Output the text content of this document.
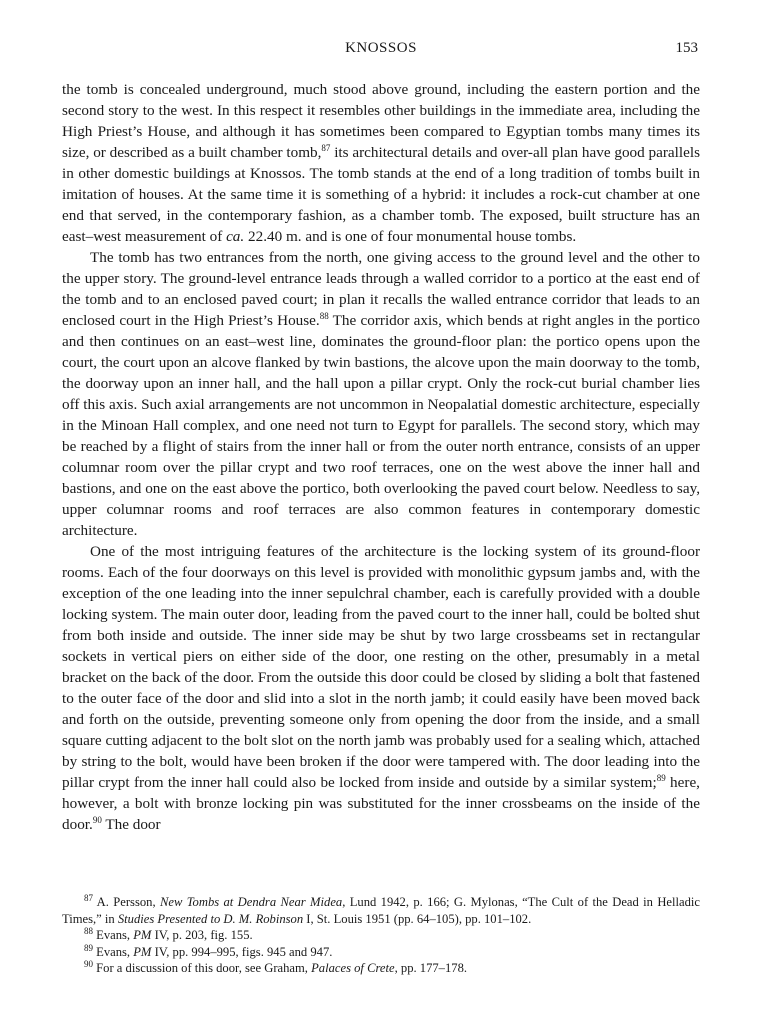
KNOSSOS	153

the tomb is concealed underground, much stood above ground, including the eastern portion and the second story to the west. In this respect it resembles other buildings in the immediate area, including the High Priest’s House, and although it has sometimes been compared to Egyptian tombs many times its size, or described as a built chamber tomb,$^{87}$ its architectural details and over-all plan have good parallels in other domestic buildings at Knossos. The tomb stands at the end of a long tradition of tombs built in imitation of houses. At the same time it is something of a hybrid: it includes a rock-cut chamber at one end that served, in the contemporary fashion, as a chamber tomb. The exposed, built structure has an east–west measurement of ca. 22.40 m. and is one of four monumental house tombs.

The tomb has two entrances from the north, one giving access to the ground level and the other to the upper story. The ground-level entrance leads through a walled corridor to a portico at the east end of the tomb and to an enclosed paved court; in plan it recalls the walled entrance corridor that leads to an enclosed court in the High Priest’s House.$^{88}$ The corridor axis, which bends at right angles in the portico and then continues on an east–west line, dominates the ground-floor plan: the portico opens upon the court, the court upon an alcove flanked by twin bastions, the alcove upon the main doorway to the tomb, the doorway upon an inner hall, and the hall upon a pillar crypt. Only the rock-cut burial chamber lies off this axis. Such axial arrangements are not uncommon in Neopalatial domestic architecture, especially in the Minoan Hall complex, and one need not turn to Egypt for parallels. The second story, which may be reached by a flight of stairs from the inner hall or from the outer north entrance, consists of an upper columnar room over the pillar crypt and two roof terraces, one on the west above the inner hall and bastions, and one on the east above the portico, both overlooking the paved court below. Needless to say, upper columnar rooms and roof terraces are also common features in contemporary domestic architecture.

One of the most intriguing features of the architecture is the locking system of its ground-floor rooms. Each of the four doorways on this level is provided with monolithic gypsum jambs and, with the exception of the one leading into the inner sepulchral chamber, each is carefully provided with a double locking system. The main outer door, leading from the paved court to the inner hall, could be bolted shut from both inside and outside. The inner side may be shut by two large crossbeams set in rectangular sockets in vertical piers on either side of the door, one resting on the other, presumably in a metal bracket on the back of the door. From the outside this door could be closed by sliding a bolt that fastened to the outer face of the door and slid into a slot in the north jamb; it could easily have been moved back and forth on the outside, preventing someone only from opening the door from the inside, and a small square cutting adjacent to the bolt slot on the north jamb was probably used for a sealing which, attached by string to the bolt, would have been broken if the door were tampered with. The door leading into the pillar crypt from the inner hall could also be locked from inside and outside by a similar system;$^{89}$ here, however, a bolt with bronze locking pin was substituted for the inner crossbeams on the inside of the door.$^{90}$ The door

$^{87}$ A. Persson, New Tombs at Dendra Near Midea, Lund 1942, p. 166; G. Mylonas, “The Cult of the Dead in Helladic Times,” in Studies Presented to D. M. Robinson I, St. Louis 1951 (pp. 64–105), pp. 101–102.

$^{88}$ Evans, PM IV, p. 203, fig. 155.

$^{89}$ Evans, PM IV, pp. 994–995, figs. 945 and 947.

$^{90}$ For a discussion of this door, see Graham, Palaces of Crete, pp. 177–178.
